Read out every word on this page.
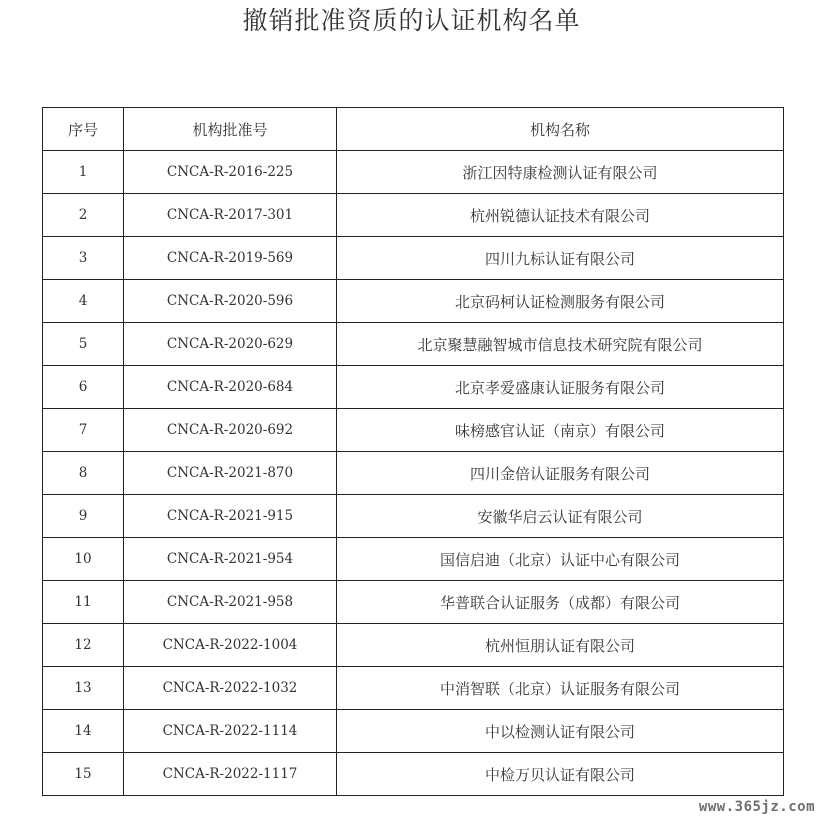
撤销批准资质的认证机构名单
序号	机构批准号	机构名称
1	CNCA-R-2016-225	浙江因特康检测认证有限公司
2	CNCA-R-2017-301	杭州锐德认证技术有限公司
3	CNCA-R-2019-569	四川九标认证有限公司
4	CNCA-R-2020-596	北京码柯认证检测服务有限公司
5	CNCA-R-2020-629	北京聚慧融智城市信息技术研究院有限公司
6	CNCA-R-2020-684	北京孝爱盛康认证服务有限公司
7	CNCA-R-2020-692	味榜感官认证（南京）有限公司
8	CNCA-R-2021-870	四川金倍认证服务有限公司
9	CNCA-R-2021-915	安徽华启云认证有限公司
10	CNCA-R-2021-954	国信启迪（北京）认证中心有限公司
11	CNCA-R-2021-958	华普联合认证服务（成都）有限公司
12	CNCA-R-2022-1004	杭州恒朋认证有限公司
13	CNCA-R-2022-1032	中消智联（北京）认证服务有限公司
14	CNCA-R-2022-1114	中以检测认证有限公司
15	CNCA-R-2022-1117	中检万贝认证有限公司
www.365jz.com
